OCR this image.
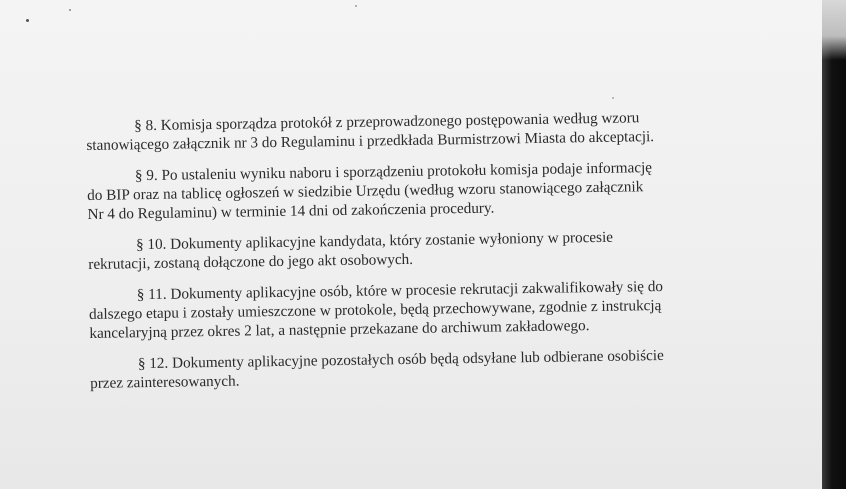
§ 8. Komisja sporządza protokół z przeprowadzonego postępowania według wzoru
stanowiącego załącznik nr 3 do Regulaminu i przedkłada Burmistrzowi Miasta do akceptacji.

§ 9. Po ustaleniu wyniku naboru i sporządzeniu protokołu komisja podaje informację
do BIP oraz na tablicę ogłoszeń w siedzibie Urzędu (według wzoru stanowiącego załącznik
Nr 4 do Regulaminu) w terminie 14 dni od zakończenia procedury.

§ 10. Dokumenty aplikacyjne kandydata, który zostanie wyłoniony w procesie
rekrutacji, zostaną dołączone do jego akt osobowych.

§ 11. Dokumenty aplikacyjne osób, które w procesie rekrutacji zakwalifikowały się do
dalszego etapu i zostały umieszczone w protokole, będą przechowywane, zgodnie z instrukcją
kancelaryjną przez okres 2 lat, a następnie przekazane do archiwum zakładowego.

§ 12. Dokumenty aplikacyjne pozostałych osób będą odsyłane lub odbierane osobiście
przez zainteresowanych.
